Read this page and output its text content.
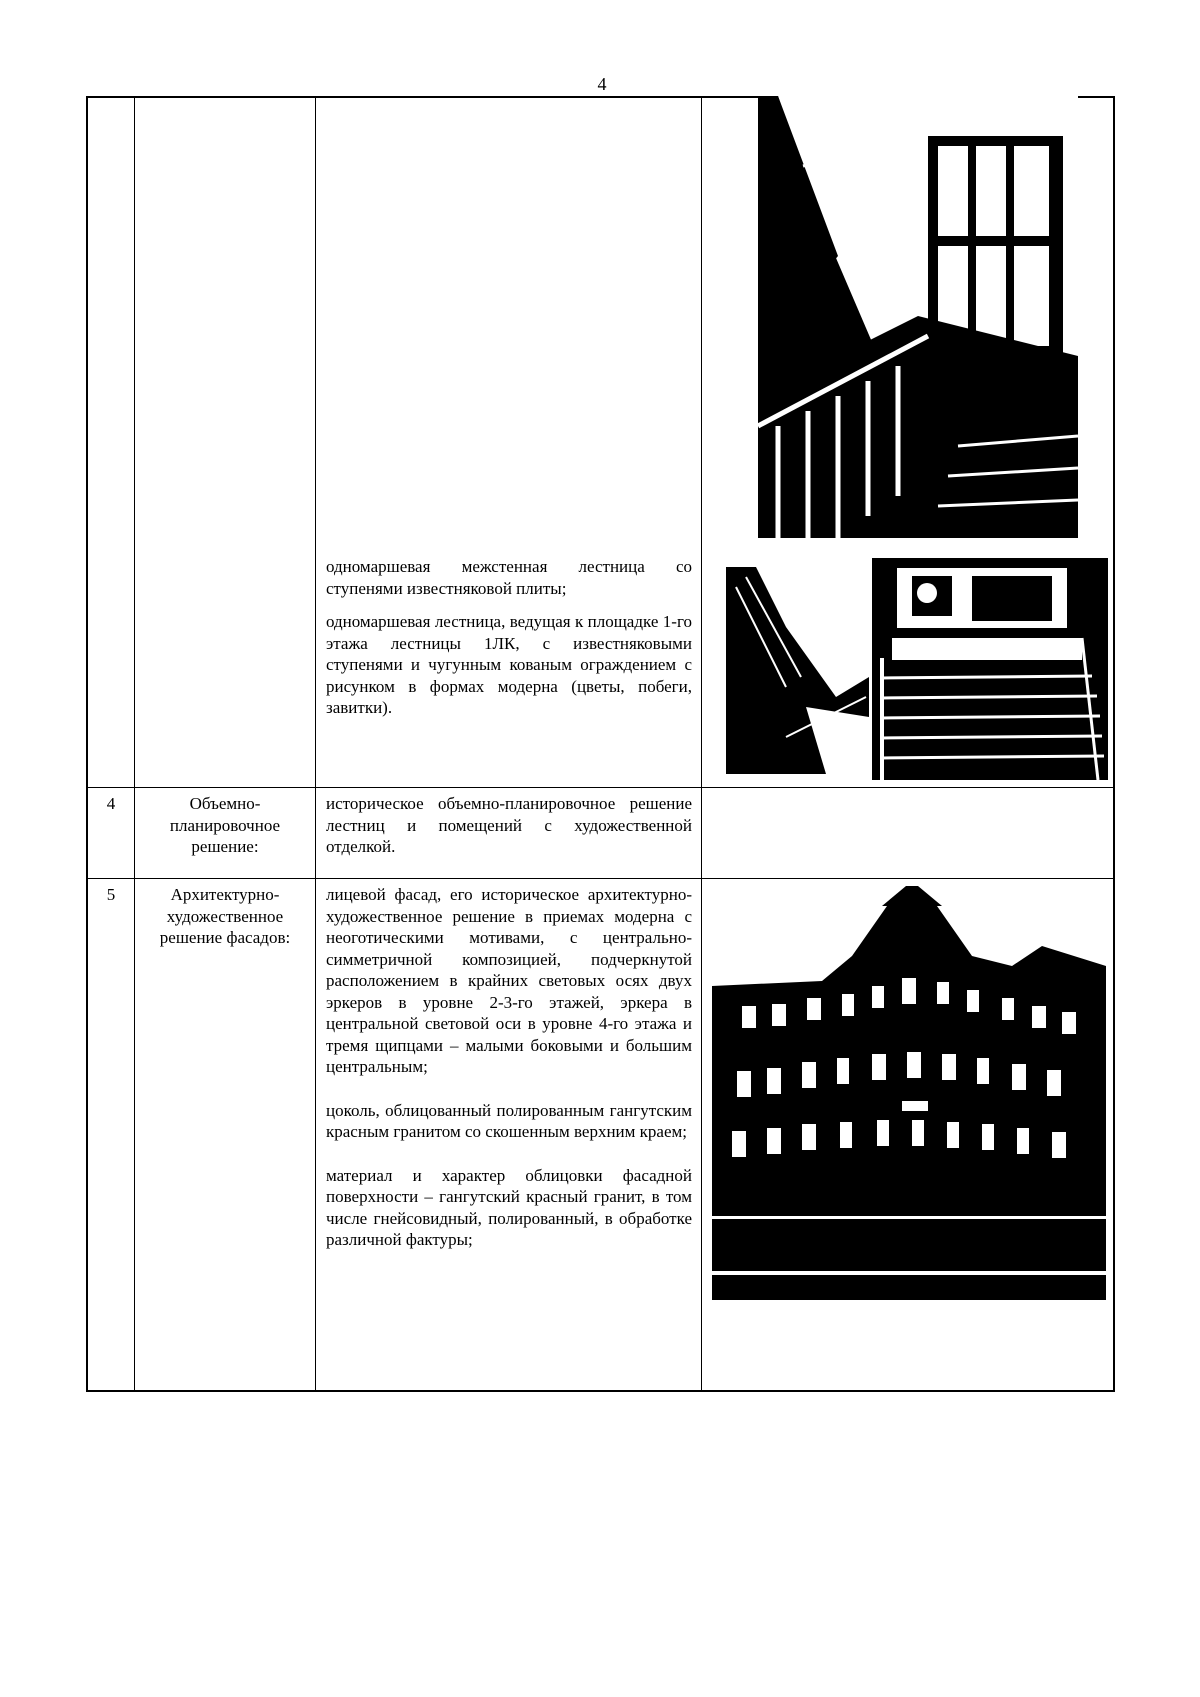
4

одномаршевая межстенная лестница со ступенями известняковой плиты;

одномаршевая лестница, ведущая к площадке 1-го этажа лестницы 1ЛК, с известняковыми ступенями и чугунным кованым ограждением с рисунком в формах модерна (цветы, побеги, завитки).

4	Объемно-планировочное решение:

историческое объемно-планировочное решение лестниц и помещений с художественной отделкой.

5	Архитектурно-художественное решение фасадов:

лицевой фасад, его историческое архитектурно-художественное решение в приемах модерна с неоготическими мотивами, с центрально-симметричной композицией, подчеркнутой расположением в крайних световых осях двух эркеров в уровне 2-3-го этажей, эркера в центральной световой оси в уровне 4-го этажа и тремя щипцами – малыми боковыми и большим центральным;

цоколь, облицованный полированным гангутским красным гранитом со скошенным верхним краем;

материал и характер облицовки фасадной поверхности – гангутский красный гранит, в том числе гнейсовидный, полированный, в обработке различной фактуры;
